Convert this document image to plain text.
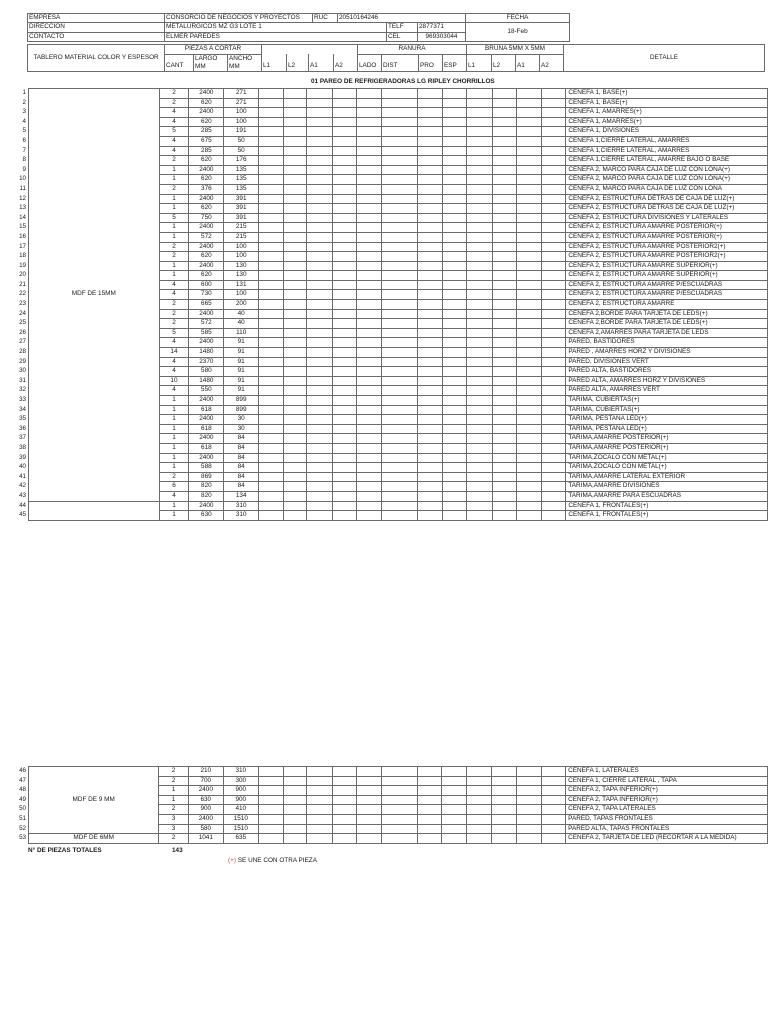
EMPRESA	CONSORCIO DE NEGOCIOS Y PROYECTOS	RUC	20510164246			FECHA
DIRECCION	METALURGICOS MZ G3 LOTE 1			TELF	2877371	18-Feb
CONTACTO	ELMER PAREDES			CEL	969303044	
TABLERO MATERIAL COLOR Y ESPESOR	PIEZAS A CORTAR							RANURA				BRUÑA 5MM X 5MM				DETALLE
	CANT	LARGO MM	ANCHO MM	L1	L2	A1	A2	LADO	DIST	PRO	ESP	L1	L2	A1	A2	

01 PAREO DE REFRIGERADORAS LG RIPLEY CHORRILLOS
1	MDF DE 15MM	2	2400	271													CENEFA 1, BASE(+)
2		2	620	271													CENEFA 1, BASE(+)
3		4	2400	100													CENEFA 1, AMARRES(+)
4		4	620	100													CENEFA 1, AMARRES(+)
5		5	285	191													CENEFA 1, DIVISIONES
6		4	675	50													CENEFA 1,CIERRE LATERAL, AMARRES
7		4	285	50													CENEFA 1,CIERRE LATERAL, AMARRES
8		2	620	176													CENEFA 1,CIERRE LATERAL, AMARRE BAJO O BASE
9		1	2400	135													CENEFA 2, MARCO PARA CAJA DE LUZ CON LONA(+)
10		1	620	135													CENEFA 2, MARCO PARA CAJA DE LUZ CON LONA(+)
11		2	376	135													CENEFA 2, MARCO PARA CAJA DE LUZ CON LONA
12		1	2400	391													CENEFA 2, ESTRUCTURA DETRÁS DE CAJA DE LUZ(+)
13		1	620	391													CENEFA 2, ESTRUCTURA DETRÁS DE CAJA DE LUZ(+)
14		5	750	391													CENEFA 2, ESTRUCTURA DIVISIONES Y LATERALES
15		1	2400	215													CENEFA 2, ESTRUCTURA AMARRE POSTERIOR(+)
16		1	572	215													CENEFA 2, ESTRUCTURA AMARRE POSTERIOR(+)
17		2	2400	100													CENEFA 2, ESTRUCTURA AMARRE POSTERIOR2(+)
18		2	620	100													CENEFA 2, ESTRUCTURA AMARRE POSTERIOR2(+)
19		1	2400	130													CENEFA 2, ESTRUCTURA AMARRE SUPERIOR(+)
20		1	620	130													CENEFA 2, ESTRUCTURA AMARRE SUPERIOR(+)
21		4	600	131													CENEFA 2, ESTRUCTURA AMARRE P/ESCUADRAS
22		4	730	100													CENEFA 2, ESTRUCTURA AMARRE P/ESCUADRAS
23		2	665	200													CENEFA 2, ESTRUCTURA AMARRE
24		2	2400	40													CENEFA 2,BORDE PARA TARJETA DE LEDS(+)
25		2	572	40													CENEFA 2,BORDE PARA TARJETA DE LEDS(+)
26		5	585	110													CENEFA 2,AMARRES PARA TARJETA DE LEDS
27		4	2400	91													PARED, BASTIDORES
28		14	1480	91													PARED , AMARRES HORZ Y DIVISIONES
29		4	2370	91													PARED, DIVISIONES VERT
30		4	580	91													PARED ALTA, BASTIDORES
31		10	1480	91													PARED ALTA, AMARRES HORZ Y DIVISIONES
32		4	550	91													PARED ALTA, AMARRES VERT
33		1	2400	899													TARIMA, CUBIERTAS(+)
34		1	618	899													TARIMA, CUBIERTAS(+)
35		1	2400	30													TARIMA, PESTAÑA LED(+)
36		1	618	30													TARIMA, PESTAÑA LED(+)
37		1	2400	84													TARIMA,AMARRE POSTERIOR(+)
38		1	618	84													TARIMA,AMARRE POSTERIOR(+)
39		1	2400	84													TARIMA,ZOCALO CON METAL(+)
40		1	588	84													TARIMA,ZOCALO CON METAL(+)
41		2	869	84													TARIMA,AMARRE LATERAL EXTERIOR
42		6	820	84													TARIMA,AMARRE DIVISIONES
43		4	820	134													TARIMA,AMARRE PARA ESCUADRAS
44		1	2400	310													CENEFA 1, FRONTALES(+)
45		1	630	310													CENEFA 1, FRONTALES(+)
46	MDF DE 9 MM	2	210	310													CENEFA 1, LATERALES
47		2	700	300													CENEFA 1, CIERRE LATERAL , TAPA
48		1	2400	900													CENEFA 2, TAPA INFERIOR(+)
49		1	630	900													CENEFA 2, TAPA INFERIOR(+)
50		2	900	410													CENEFA 2, TAPA LATERALES
51		3	2400	1510													PARED, TAPAS FRONTALES
52		3	580	1510													PARED ALTA, TAPAS FRONTALES
53	MDF DE 6MM	2	1041	635													CENEFA 2, TARJETA DE LED (RECORTAR A LA MEDIDA)
N° DE PIEZAS TOTALES	143
(+) SE UNE CON OTRA PIEZA
